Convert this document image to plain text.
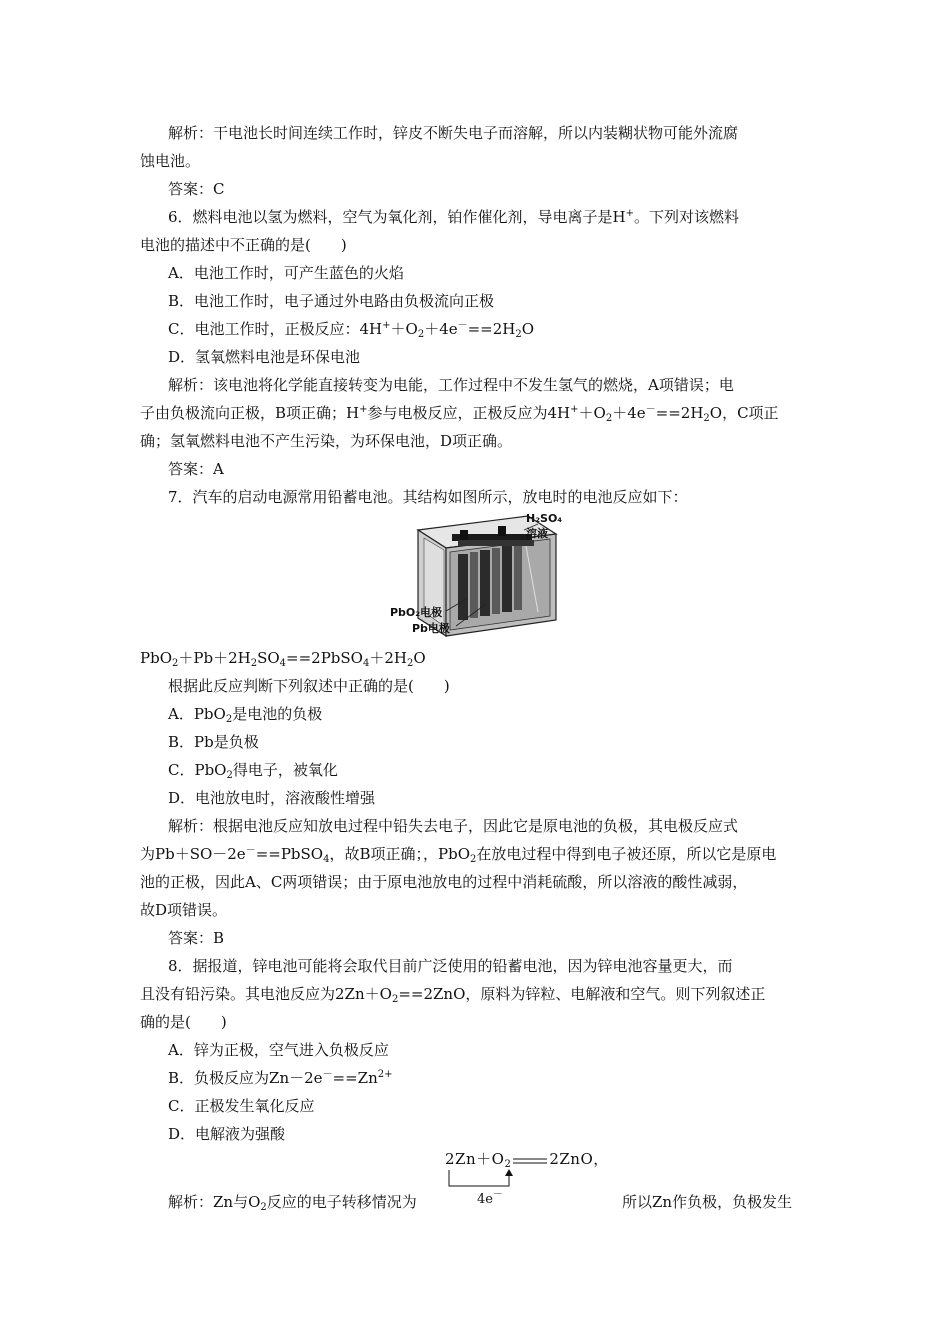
解析：干电池长时间连续工作时，锌皮不断失电子而溶解，所以内装糊状物可能外流腐
蚀电池。
答案：C
6．燃料电池以氢为燃料，空气为氧化剂，铂作催化剂，导电离子是H+。下列对该燃料
电池的描述中不正确的是(　　)
A．电池工作时，可产生蓝色的火焰
B．电池工作时，电子通过外电路由负极流向正极
C．电池工作时，正极反应：$4H^++O_2+4e^-==2H_2O$
D．氢氧燃料电池是环保电池
解析：该电池将化学能直接转变为电能，工作过程中不发生氢气的燃烧，A项错误；电
子由负极流向正极，B项正确；H+参与电极反应，正极反应为$4H^++O_2+4e^-==2H_2O$，C项正
确；氢氧燃料电池不产生污染，为环保电池，D项正确。
答案：A
7．汽车的启动电源常用铅蓄电池。其结构如图所示，放电时的电池反应如下：
H₂SO₄溶液
PbO₂电极
Pb电极
$PbO_2+Pb+2H_2SO_4==2PbSO_4+2H_2O$
根据此反应判断下列叙述中正确的是(　　)
A．PbO$_2$是电池的负极
B．Pb是负极
C．PbO$_2$得电子，被氧化
D．电池放电时，溶液酸性增强
解析：根据电池反应知放电过程中铅失去电子，因此它是原电池的负极，其电极反应式
为Pb＋SO－2e－==PbSO$_4$，故B项正确；，PbO$_2$在放电过程中得到电子被还原，所以它是原电
池的正极，因此A、C两项错误；由于原电池放电的过程中消耗硫酸，所以溶液的酸性减弱，
故D项错误。
答案：B
8．据报道，锌电池可能将会取代目前广泛使用的铅蓄电池，因为锌电池容量更大，而
且没有铅污染。其电池反应为$2Zn+O_2==2ZnO$，原料为锌粒、电解液和空气。则下列叙述正
确的是(　　)
A．锌为正极，空气进入负极反应
B．负极反应为$Zn-2e^-==Zn^{2+}$
C．正极发生氧化反应
D．电解液为强酸
$2Zn+O_2$	2ZnO，
4e－
解析：Zn与$O_2$反应的电子转移情况为	所以Zn作负极，负极发生
